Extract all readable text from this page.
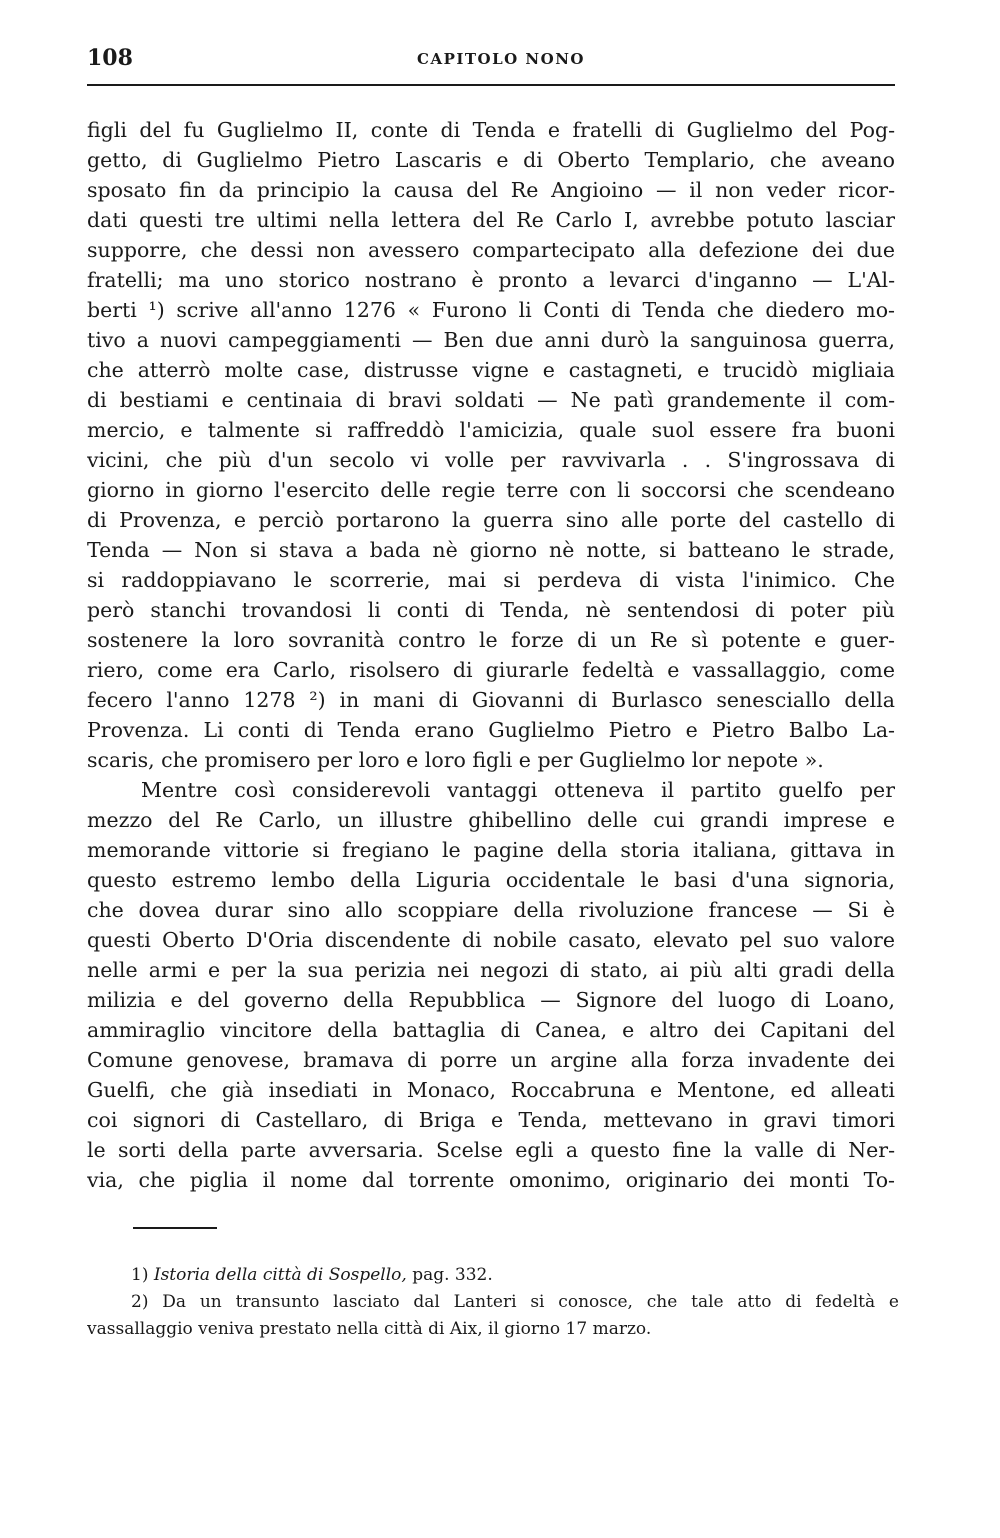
108	CAPITOLO NONO
figli del fu Guglielmo II, conte di Tenda e fratelli di Guglielmo del Pog-
getto, di Guglielmo Pietro Lascaris e di Oberto Templario, che aveano
sposato fin da principio la causa del Re Angioino — il non veder ricor-
dati questi tre ultimi nella lettera del Re Carlo I, avrebbe potuto lasciar
supporre, che dessi non avessero compartecipato alla defezione dei due
fratelli; ma uno storico nostrano è pronto a levarci d'inganno — L'Al-
berti ¹) scrive all'anno 1276 « Furono li Conti di Tenda che diedero mo-
tivo a nuovi campeggiamenti — Ben due anni durò la sanguinosa guerra,
che atterrò molte case, distrusse vigne e castagneti, e trucidò migliaia
di bestiami e centinaia di bravi soldati — Ne patì grandemente il com-
mercio, e talmente si raffreddò l'amicizia, quale suol essere fra buoni
vicini, che più d'un secolo vi volle per ravvivarla . . S'ingrossava di
giorno in giorno l'esercito delle regie terre con li soccorsi che scendeano
di Provenza, e perciò portarono la guerra sino alle porte del castello di
Tenda — Non si stava a bada nè giorno nè notte, si batteano le strade,
si raddoppiavano le scorrerie, mai si perdeva di vista l'inimico. Che
però stanchi trovandosi li conti di Tenda, nè sentendosi di poter più
sostenere la loro sovranità contro le forze di un Re sì potente e guer-
riero, come era Carlo, risolsero di giurarle fedeltà e vassallaggio, come
fecero l'anno 1278 ²) in mani di Giovanni di Burlasco senesciallo della
Provenza. Li conti di Tenda erano Guglielmo Pietro e Pietro Balbo La-
scaris, che promisero per loro e loro figli e per Guglielmo lor nepote ».
Mentre così considerevoli vantaggi otteneva il partito guelfo per
mezzo del Re Carlo, un illustre ghibellino delle cui grandi imprese e
memorande vittorie si fregiano le pagine della storia italiana, gittava in
questo estremo lembo della Liguria occidentale le basi d'una signoria,
che dovea durar sino allo scoppiare della rivoluzione francese — Si è
questi Oberto D'Oria discendente di nobile casato, elevato pel suo valore
nelle armi e per la sua perizia nei negozi di stato, ai più alti gradi della
milizia e del governo della Repubblica — Signore del luogo di Loano,
ammiraglio vincitore della battaglia di Canea, e altro dei Capitani del
Comune genovese, bramava di porre un argine alla forza invadente dei
Guelfi, che già insediati in Monaco, Roccabruna e Mentone, ed alleati
coi signori di Castellaro, di Briga e Tenda, mettevano in gravi timori
le sorti della parte avversaria. Scelse egli a questo fine la valle di Ner-
via, che piglia il nome dal torrente omonimo, originario dei monti To-
1) Istoria della città di Sospello, pag. 332.
2) Da un transunto lasciato dal Lanteri si conosce, che tale atto di fedeltà e
vassallaggio veniva prestato nella città di Aix, il giorno 17 marzo.
